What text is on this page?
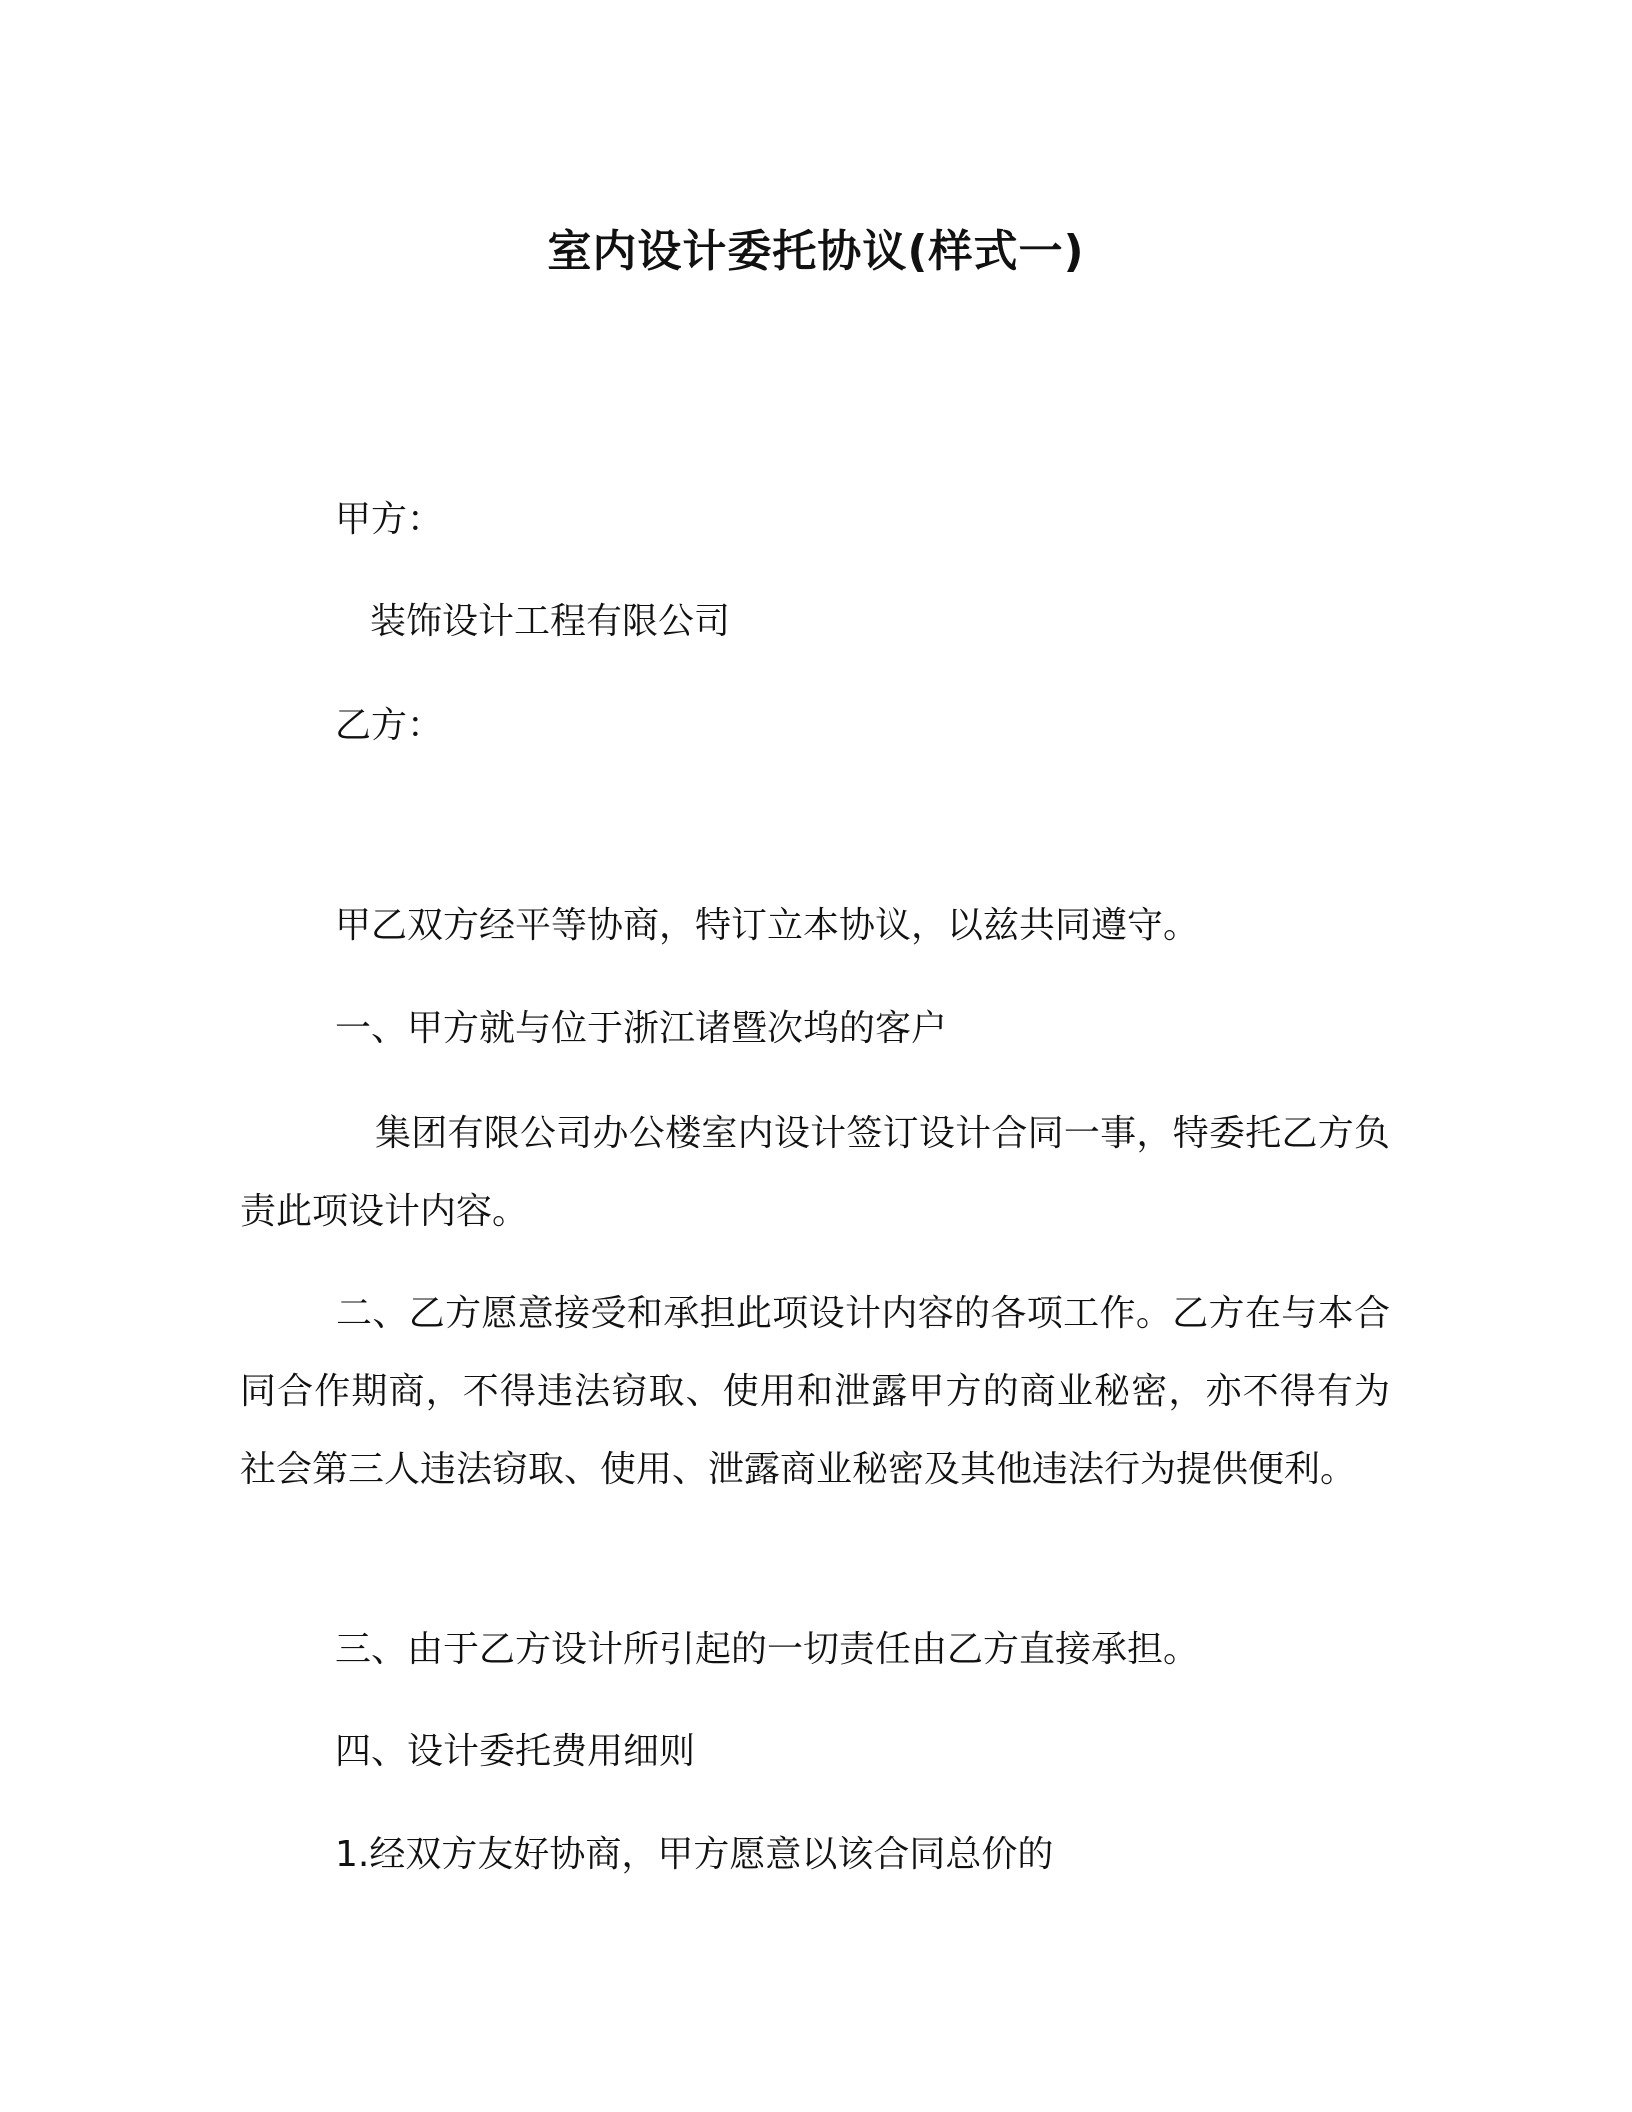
室内设计委托协议(样式一)
甲方：
装饰设计工程有限公司
乙方：
甲乙双方经平等协商，特订立本协议，以兹共同遵守。
一、甲方就与位于浙江诸暨次坞的客户
集团有限公司办公楼室内设计签订设计合同一事，特委托乙方负责此项设计内容。
二、乙方愿意接受和承担此项设计内容的各项工作。乙方在与本合同合作期商，不得违法窃取、使用和泄露甲方的商业秘密，亦不得有为社会第三人违法窃取、使用、泄露商业秘密及其他违法行为提供便利。
三、由于乙方设计所引起的一切责任由乙方直接承担。
四、设计委托费用细则
1.经双方友好协商，甲方愿意以该合同总价的
